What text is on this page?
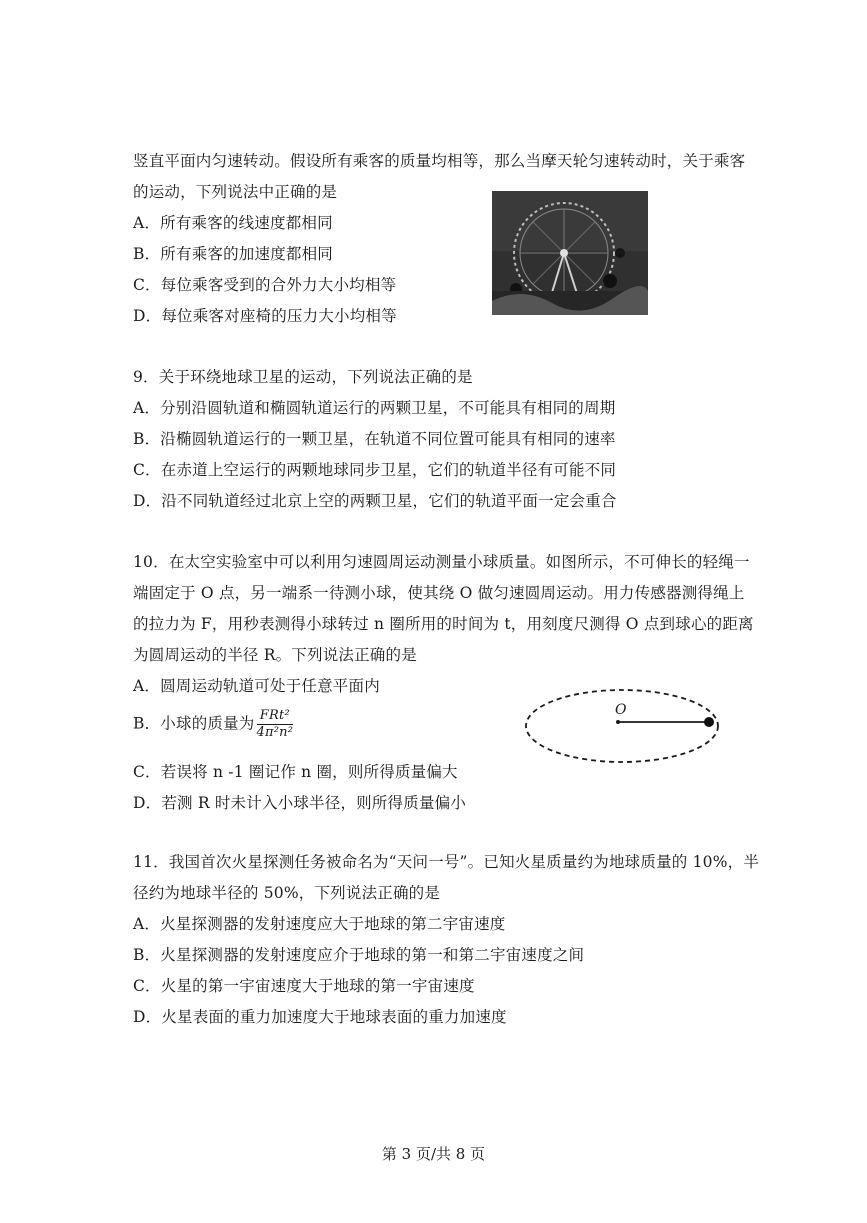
竖直平面内匀速转动。假设所有乘客的质量均相等，那么当摩天轮匀速转动时，关于乘客
的运动，下列说法中正确的是
A．所有乘客的线速度都相同
B．所有乘客的加速度都相同
C．每位乘客受到的合外力大小均相等
D．每位乘客对座椅的压力大小均相等
9．关于环绕地球卫星的运动，下列说法正确的是
A．分别沿圆轨道和椭圆轨道运行的两颗卫星，不可能具有相同的周期
B．沿椭圆轨道运行的一颗卫星，在轨道不同位置可能具有相同的速率
C．在赤道上空运行的两颗地球同步卫星，它们的轨道半径有可能不同
D．沿不同轨道经过北京上空的两颗卫星，它们的轨道平面一定会重合
10．在太空实验室中可以利用匀速圆周运动测量小球质量。如图所示，不可伸长的轻绳一
端固定于 O 点，另一端系一待测小球，使其绕 O 做匀速圆周运动。用力传感器测得绳上
的拉力为 F，用秒表测得小球转过 n 圈所用的时间为 t，用刻度尺测得 O 点到球心的距离
为圆周运动的半径 R。下列说法正确的是
A．圆周运动轨道可处于任意平面内
B．小球的质量为 $\frac{\text{FRt²}}{\text{4π²n²}}$
C．若误将 n -1 圈记作 n 圈，则所得质量偏大
D．若测 R 时未计入小球半径，则所得质量偏小
O
11．我国首次火星探测任务被命名为“天问一号”。已知火星质量约为地球质量的 10%，半
径约为地球半径的 50%，下列说法正确的是
A．火星探测器的发射速度应大于地球的第二宇宙速度
B．火星探测器的发射速度应介于地球的第一和第二宇宙速度之间
C．火星的第一宇宙速度大于地球的第一宇宙速度
D．火星表面的重力加速度大于地球表面的重力加速度
第 3 页/共 8 页
